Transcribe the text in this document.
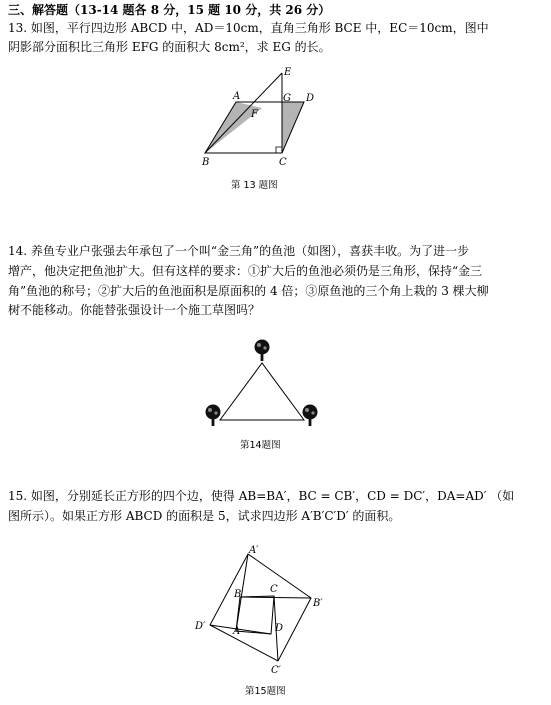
三、解答题（13-14 题各 8 分，15 题 10 分，共 26 分）
13. 如图，平行四边形 ABCD 中，AD＝10cm，直角三角形 BCE 中，EC＝10cm，图中
阴影部分面积比三角形 EFG 的面积大 8cm²，求 EG 的长。
E
A	G D
F
B	C
第 13 题图
14. 养鱼专业户张强去年承包了一个叫“金三角”的鱼池（如图），喜获丰收。为了进一步
增产，他决定把鱼池扩大。但有这样的要求：①扩大后的鱼池必须仍是三角形，保持“金三
角”鱼池的称号；②扩大后的鱼池面积是原面积的 4 倍；③原鱼池的三个角上栽的 3 棵大柳
树不能移动。你能替张强设计一个施工草图吗？
第14题图
15. 如图，分别延长正方形的四个边，使得 AB=BA′，BC = CB′，CD = DC′，DA=AD′ （如
图所示）。如果正方形 ABCD 的面积是 5，试求四边形 A′B′C′D′ 的面积。
A′
B	C
B′
D′	A	D
C′
第15题图
